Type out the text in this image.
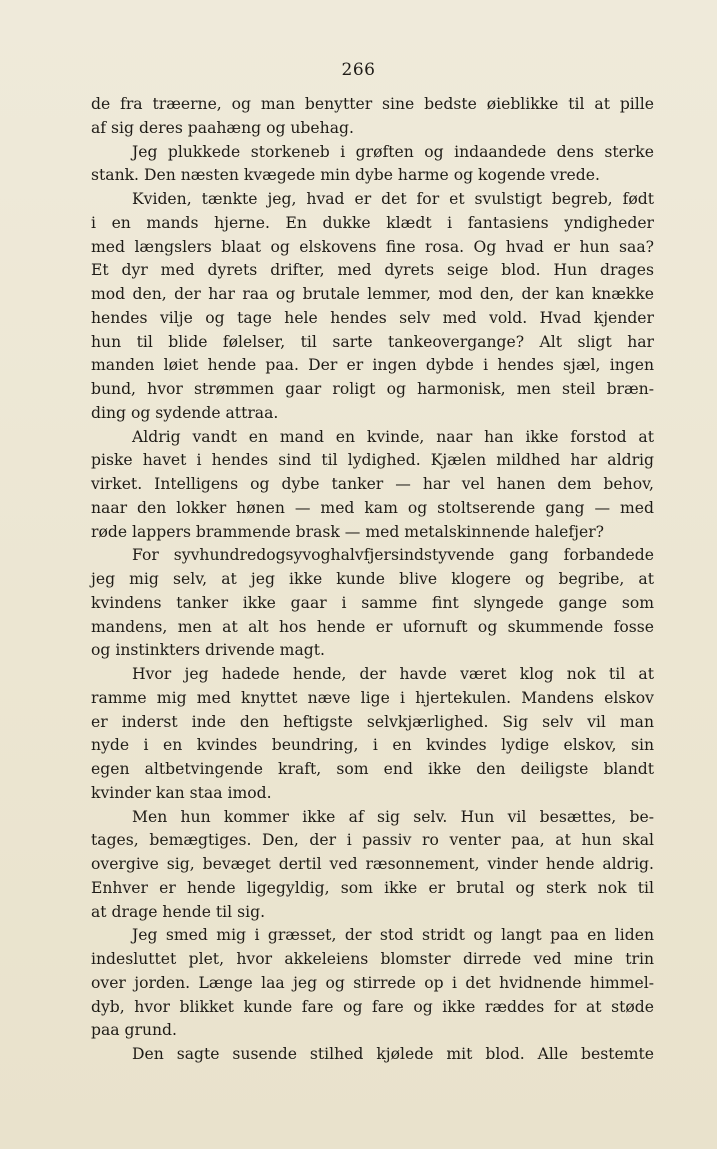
266
de fra træerne, og man benytter sine bedste øieblikke til at pille
af sig deres paahæng og ubehag.
Jeg plukkede storkeneb i grøften og indaandede dens sterke
stank. Den næsten kvægede min dybe harme og kogende vrede.
Kviden, tænkte jeg, hvad er det for et svulstigt begreb, født
i en mands hjerne. En dukke klædt i fantasiens yndigheder
med længslers blaat og elskovens fine rosa. Og hvad er hun saa?
Et dyr med dyrets drifter, med dyrets seige blod. Hun drages
mod den, der har raa og brutale lemmer, mod den, der kan knække
hendes vilje og tage hele hendes selv med vold. Hvad kjender
hun til blide følelser, til sarte tankeovergange? Alt sligt har
manden løiet hende paa. Der er ingen dybde i hendes sjæl, ingen
bund, hvor strømmen gaar roligt og harmonisk, men steil bræn-
ding og sydende attraa.
Aldrig vandt en mand en kvinde, naar han ikke forstod at
piske havet i hendes sind til lydighed. Kjælen mildhed har aldrig
virket. Intelligens og dybe tanker — har vel hanen dem behov,
naar den lokker hønen — med kam og stoltserende gang — med
røde lappers brammende brask — med metalskinnende halefjer?
For syvhundredogsyvoghalvfjersindstyvende gang forbandede
jeg mig selv, at jeg ikke kunde blive klogere og begribe, at
kvindens tanker ikke gaar i samme fint slyngede gange som
mandens, men at alt hos hende er ufornuft og skummende fosse
og instinkters drivende magt.
Hvor jeg hadede hende, der havde været klog nok til at
ramme mig med knyttet næve lige i hjertekulen. Mandens elskov
er inderst inde den heftigste selvkjærlighed. Sig selv vil man
nyde i en kvindes beundring, i en kvindes lydige elskov, sin
egen altbetvingende kraft, som end ikke den deiligste blandt
kvinder kan staa imod.
Men hun kommer ikke af sig selv. Hun vil besættes, be-
tages, bemægtiges. Den, der i passiv ro venter paa, at hun skal
overgive sig, bevæget dertil ved ræsonnement, vinder hende aldrig.
Enhver er hende ligegyldig, som ikke er brutal og sterk nok til
at drage hende til sig.
Jeg smed mig i græsset, der stod stridt og langt paa en liden
indesluttet plet, hvor akkeleiens blomster dirrede ved mine trin
over jorden. Længe laa jeg og stirrede op i det hvidnende himmel-
dyb, hvor blikket kunde fare og fare og ikke ræddes for at støde
paa grund.
Den sagte susende stilhed kjølede mit blod. Alle bestemte
